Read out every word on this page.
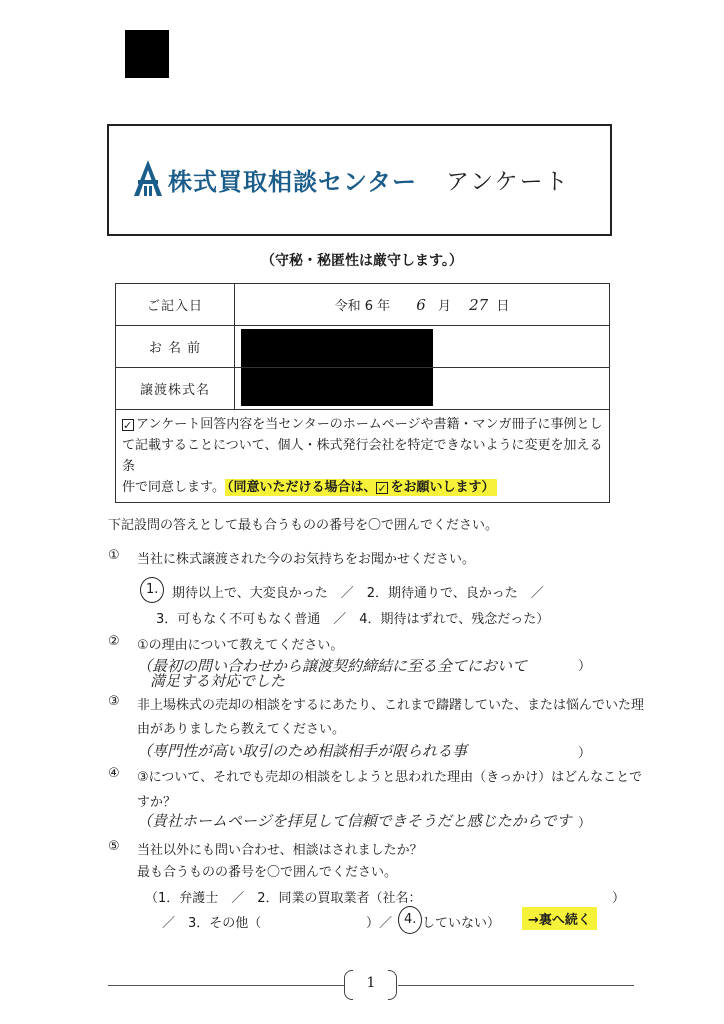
株式買取相談センター アンケート
（守秘・秘匿性は厳守します。）
ご記入日	令和 6 年 6 月 27 日
お 名 前	

譲渡株式名	

✓アンケート回答内容を当センターのホームページや書籍・マンガ冊子に事例とし
て記載することについて、個人・株式発行会社を特定できないように変更を加える条
件で同意します。 （同意いただける場合は、 ✓ をお願いします）
下記設問の答えとして最も合うものの番号を〇で囲んでください。
① 当社に株式譲渡された今のお気持ちをお聞かせください。
1. 期待以上で、大変良かった　／　2．期待通りで、良かった　／
3．可もなく不可もなく普通　／　4．期待はずれで、残念だった）
② ①の理由について教えてください。
（最初の問い合わせから譲渡契約締結に至る全てにおいて	）
満足する対応でした
③ 非上場株式の売却の相談をするにあたり、これまで躊躇していた、または悩んでいた理
由がありましたら教えてください。
（専門性が高い取引のため相談相手が限られる事	）
④ ③について、それでも売却の相談をしようと思われた理由（きっかけ）はどんなことで
すか？
（貴社ホームページを拝見して信頼できそうだと感じたからです ）
⑤ 当社以外にも問い合わせ、相談はされましたか？
最も合うものの番号を〇で囲んでください。
（1．弁護士　／　2．同業の買取業者（社名：	）
／　3．その他（	）／ 4. していない）	→裏へ続く
1
